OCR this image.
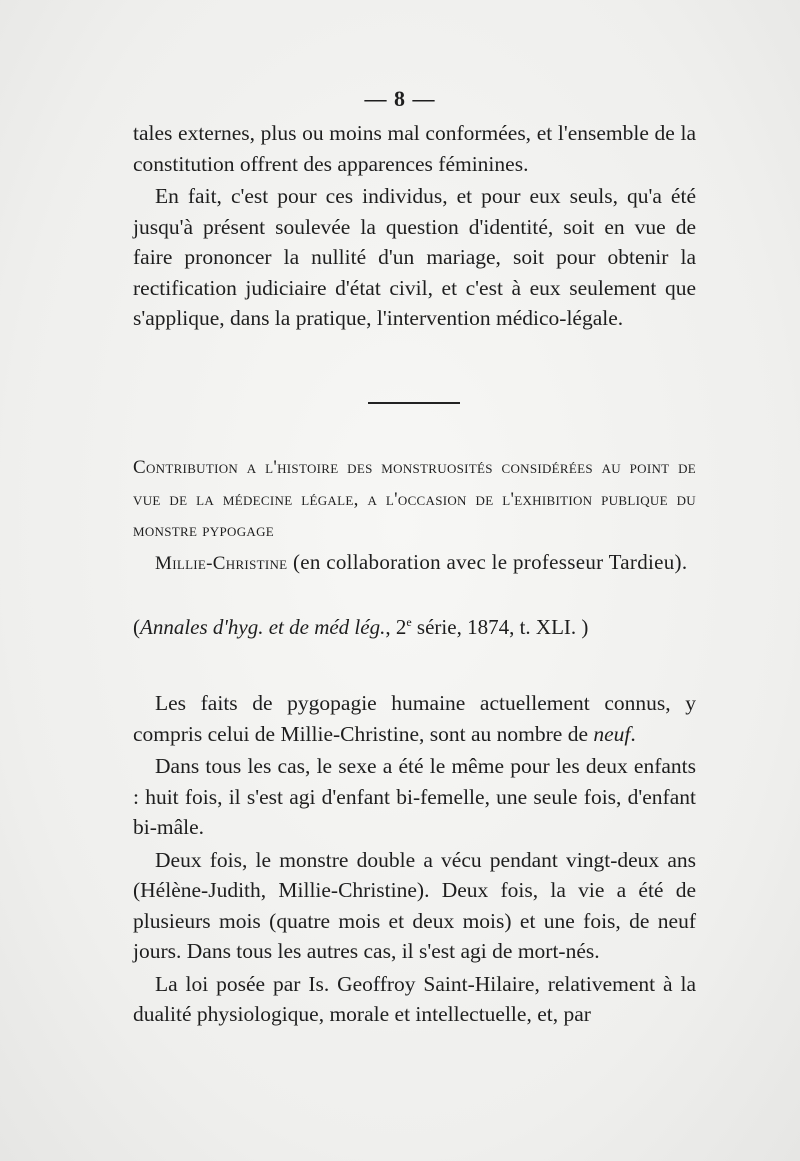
— 8 —

tales externes, plus ou moins mal conformées, et l'ensemble de la constitution offrent des apparences féminines.

En fait, c'est pour ces individus, et pour eux seuls, qu'a été jusqu'à présent soulevée la question d'identité, soit en vue de faire prononcer la nullité d'un mariage, soit pour obtenir la rectification judiciaire d'état civil, et c'est à eux seulement que s'applique, dans la pratique, l'intervention médico-légale.

Contribution a l'histoire des monstruosités considérées au point de vue de la médecine légale, a l'occasion de l'exhibition publique du monstre pypogage
Millie-Christine (en collaboration avec le professeur Tardieu).
(Annales d'hyg. et de méd lég., 2e série, 1874, t. XLI. )

Les faits de pygopagie humaine actuellement connus, y compris celui de Millie-Christine, sont au nombre de neuf.

Dans tous les cas, le sexe a été le même pour les deux enfants : huit fois, il s'est agi d'enfant bi-femelle, une seule fois, d'enfant bi-mâle.

Deux fois, le monstre double a vécu pendant vingt-deux ans (Hélène-Judith, Millie-Christine). Deux fois, la vie a été de plusieurs mois (quatre mois et deux mois) et une fois, de neuf jours. Dans tous les autres cas, il s'est agi de mort-nés.

La loi posée par Is. Geoffroy Saint-Hilaire, relativement à la dualité physiologique, morale et intellectuelle, et, par
